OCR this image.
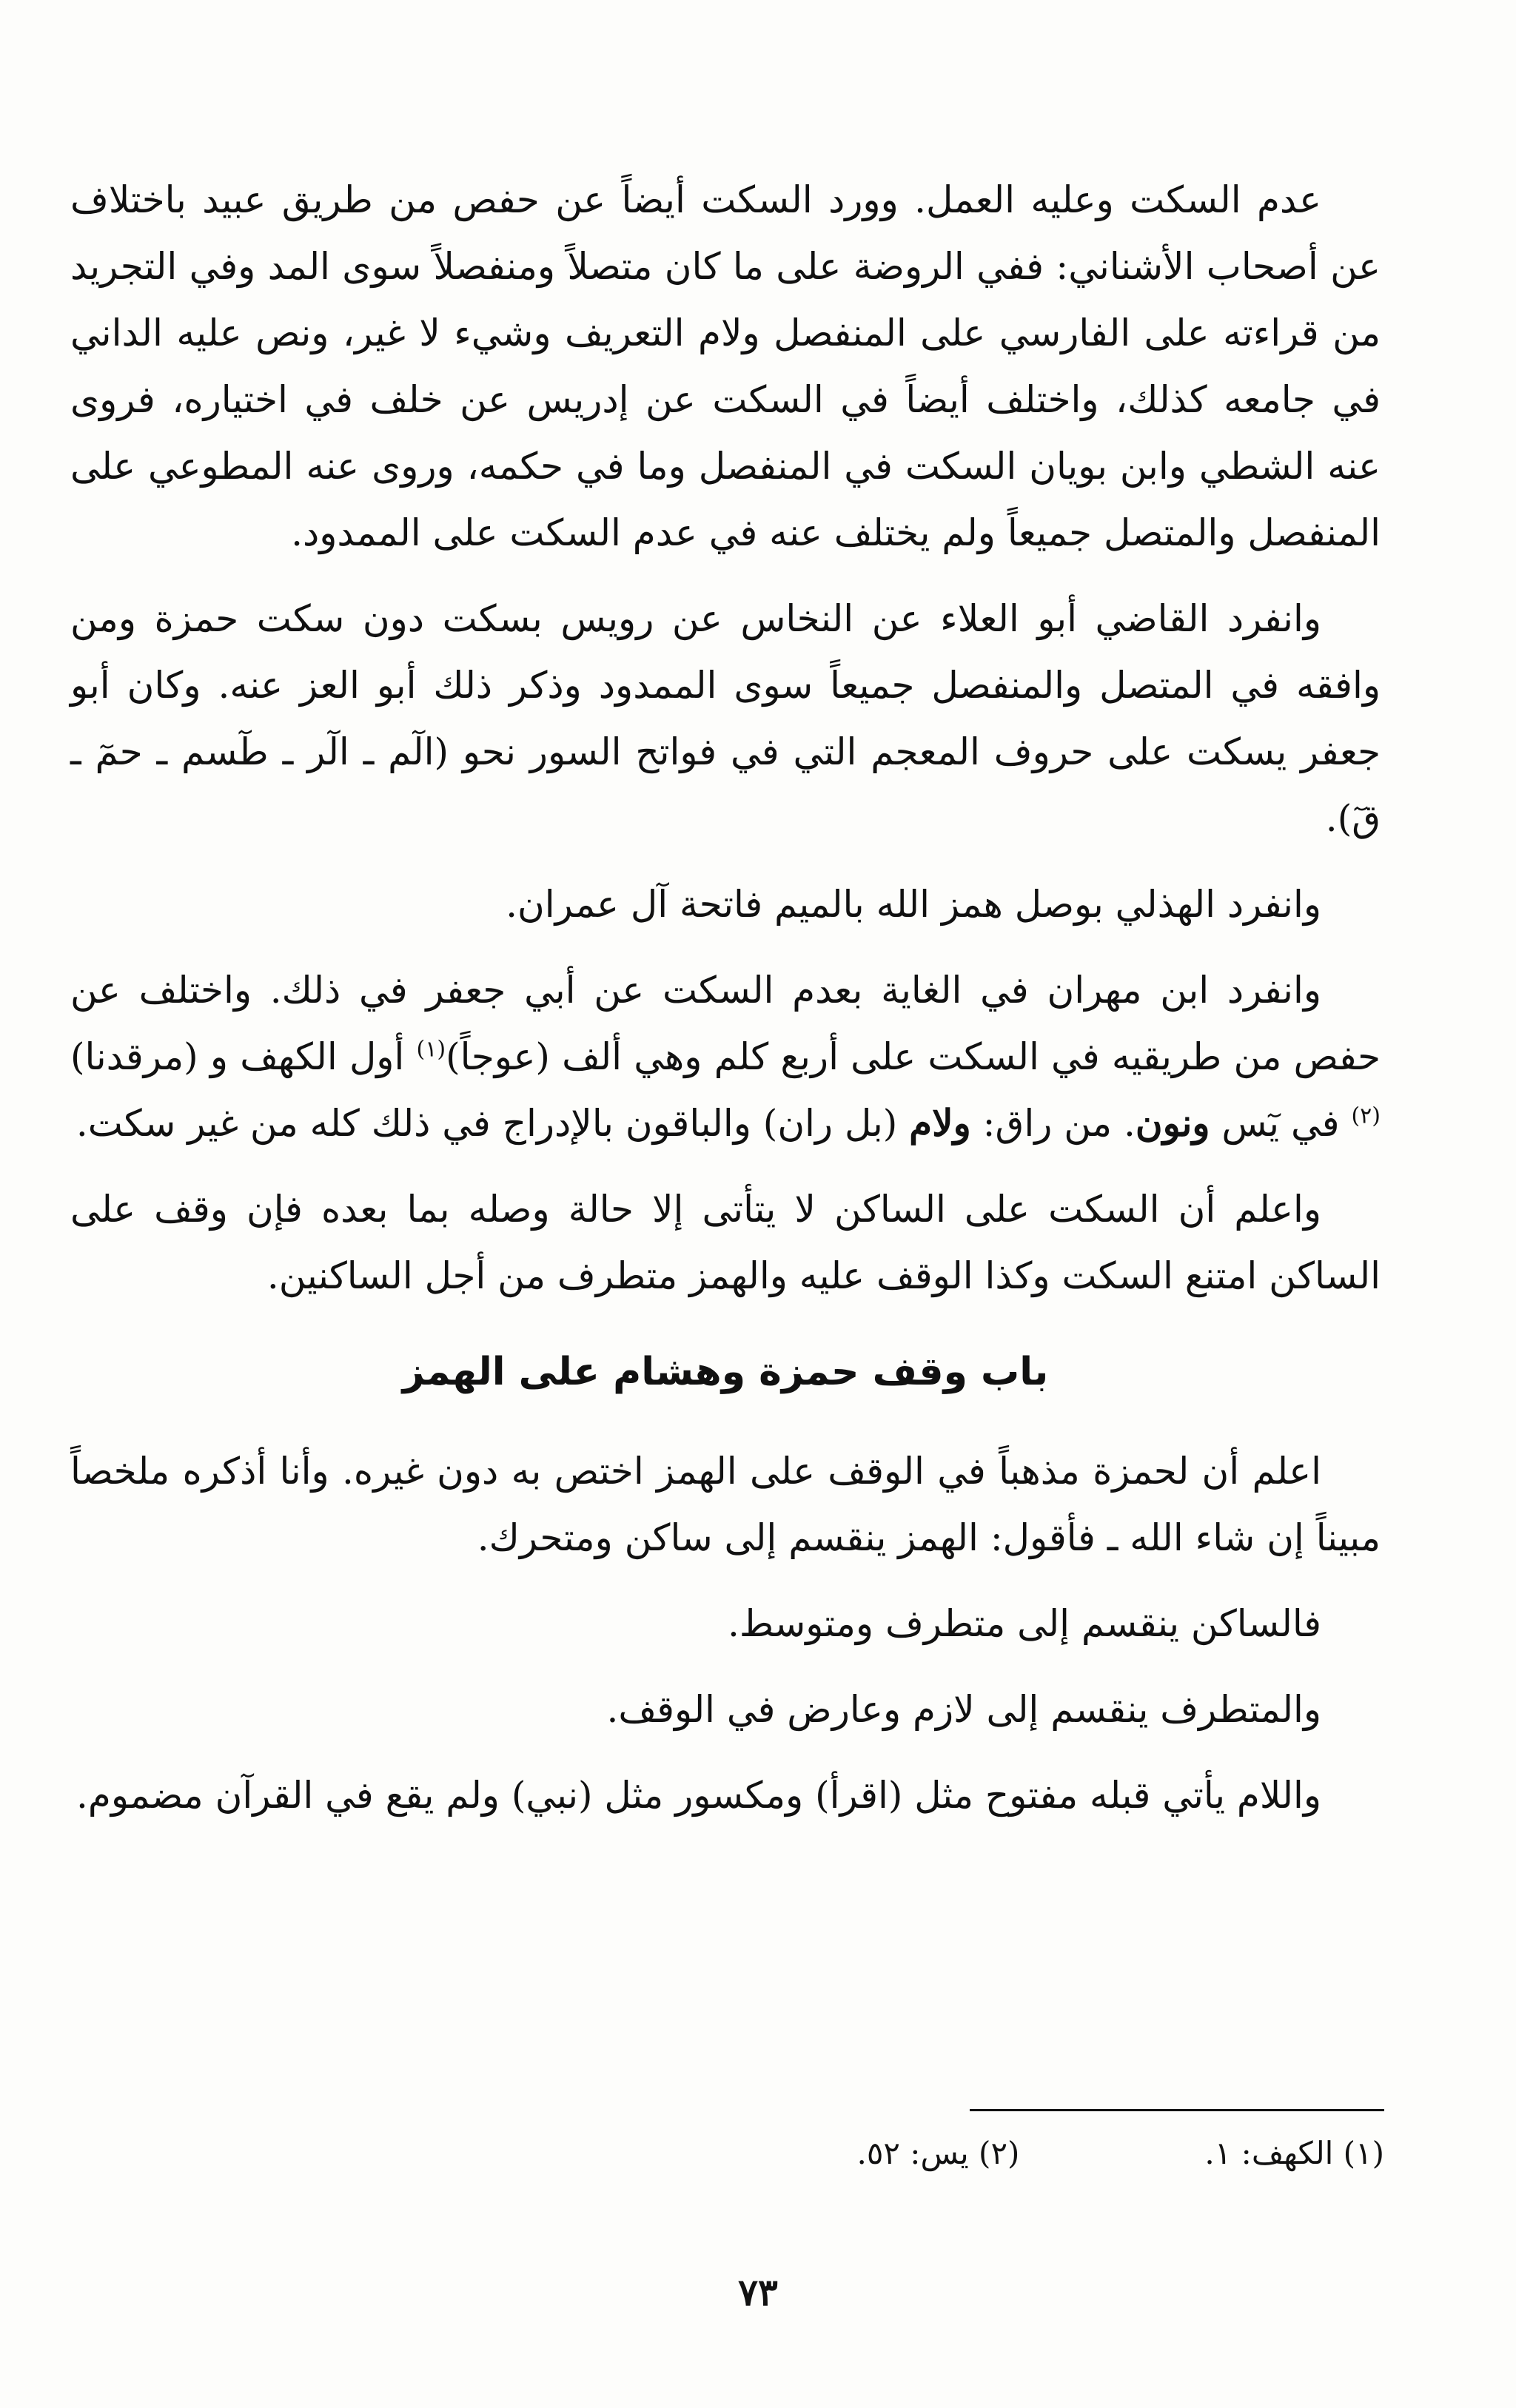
عدم السكت وعليه العمل. وورد السكت أيضاً عن حفص من طريق عبيد باختلاف عن أصحاب الأشناني: ففي الروضة على ما كان متصلاً ومنفصلاً سوى المد وفي التجريد من قراءته على الفارسي على المنفصل ولام التعريف وشيء لا غير، ونص عليه الداني في جامعه كذلك، واختلف أيضاً في السكت عن إدريس عن خلف في اختياره، فروى عنه الشطي وابن بويان السكت في المنفصل وما في حكمه، وروى عنه المطوعي على المنفصل والمتصل جميعاً ولم يختلف عنه في عدم السكت على الممدود.

وانفرد القاضي أبو العلاء عن النخاس عن رويس بسكت دون سكت حمزة ومن وافقه في المتصل والمنفصل جميعاً سوى الممدود وذكر ذلك أبو العز عنه. وكان أبو جعفر يسكت على حروف المعجم التي في فواتح السور نحو (الٓم ـ الٓر ـ طٓسم ـ حمٓ ـ قٓ).

وانفرد الهذلي بوصل همز الله بالميم فاتحة آل عمران.

وانفرد ابن مهران في الغاية بعدم السكت عن أبي جعفر في ذلك. واختلف عن حفص من طريقيه في السكت على أربع كلم وهي ألف (عوجاً)$^{(١)}$ أول الكهف و (مرقدنا)$^{(٢)}$ في يٓس ونون. من راق: ولام (بل ران) والباقون بالإدراج في ذلك كله من غير سكت.

واعلم أن السكت على الساكن لا يتأتى إلا حالة وصله بما بعده فإن وقف على الساكن امتنع السكت وكذا الوقف عليه والهمز متطرف من أجل الساكنين.

باب وقف حمزة وهشام على الهمز

اعلم أن لحمزة مذهباً في الوقف على الهمز اختص به دون غيره. وأنا أذكره ملخصاً مبيناً إن شاء الله ـ فأقول: الهمز ينقسم إلى ساكن ومتحرك.

فالساكن ينقسم إلى متطرف ومتوسط.

والمتطرف ينقسم إلى لازم وعارض في الوقف.

واللام يأتي قبله مفتوح مثل (اقرأ) ومكسور مثل (نبي) ولم يقع في القرآن مضموم.

(١) الكهف: ١.
(٢) يس: ٥٢.
٧٣
